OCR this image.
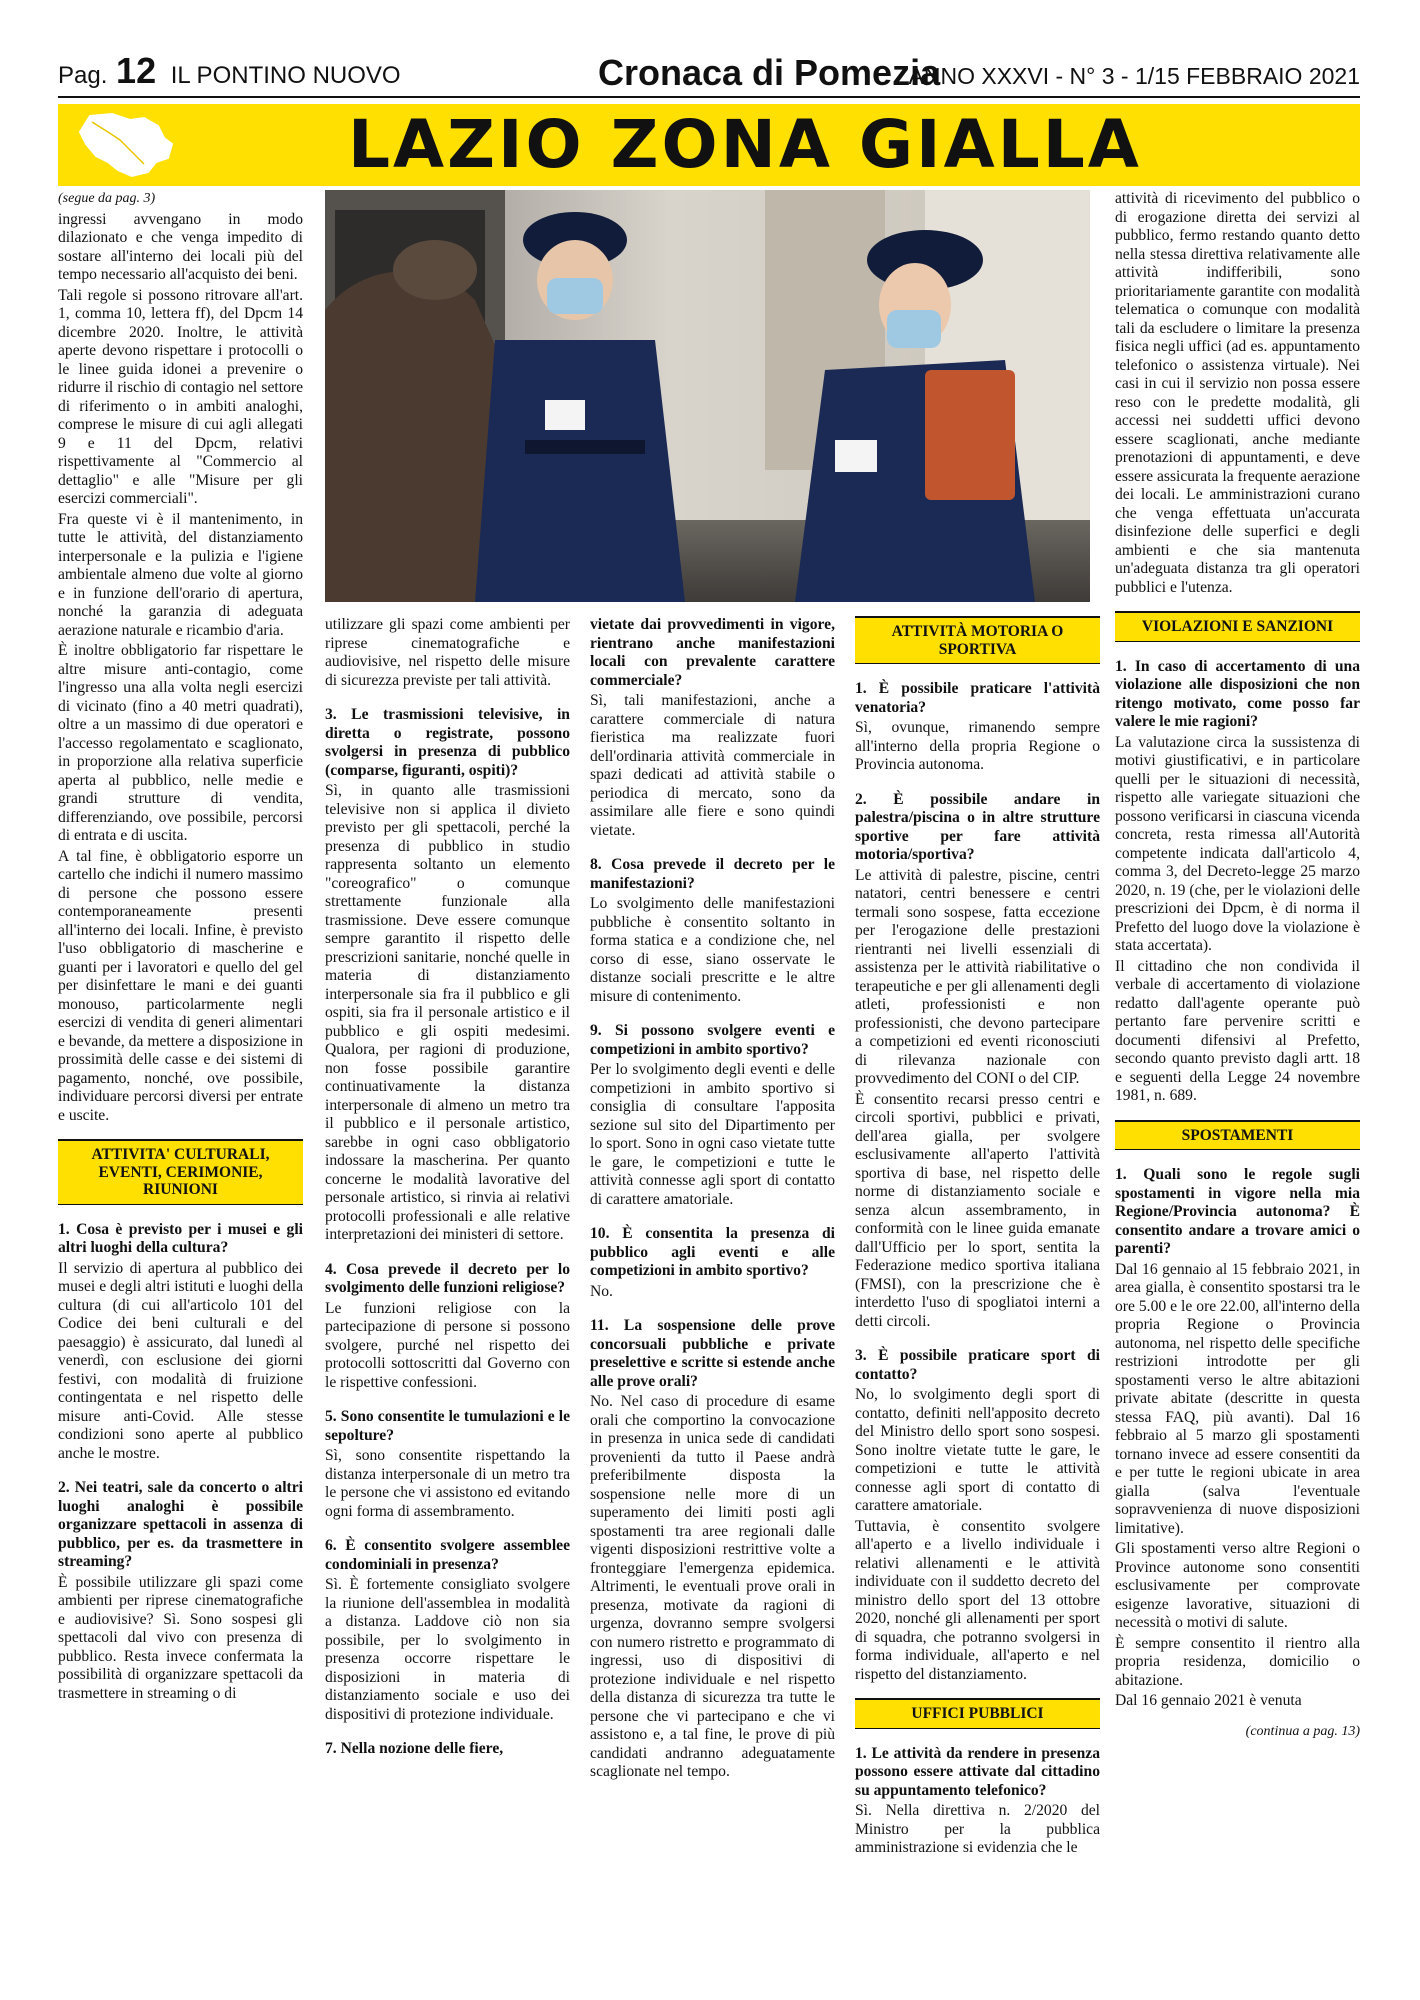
Pag. 12 IL PONTINO NUOVO	Cronaca di Pomezia
ANNO XXXVI - N° 3 - 1/15 FEBBRAIO 2021
LAZIO ZONA GIALLA

(segue da pag. 3)

ingressi avvengano in modo dilazionato e che venga impedito di sostare all'interno dei locali più del tempo necessario all'acquisto dei beni.

Tali regole si possono ritrovare all'art. 1, comma 10, lettera ff), del Dpcm 14 dicembre 2020. Inoltre, le attività aperte devono rispettare i protocolli o le linee guida idonei a prevenire o ridurre il rischio di contagio nel settore di riferimento o in ambiti analoghi, comprese le misure di cui agli allegati 9 e 11 del Dpcm, relativi rispettivamente al "Commercio al dettaglio" e alle "Misure per gli esercizi commerciali".

Fra queste vi è il mantenimento, in tutte le attività, del distanziamento interpersonale e la pulizia e l'igiene ambientale almeno due volte al giorno e in funzione dell'orario di apertura, nonché la garanzia di adeguata aerazione naturale e ricambio d'aria.

È inoltre obbligatorio far rispettare le altre misure anti-contagio, come l'ingresso una alla volta negli esercizi di vicinato (fino a 40 metri quadrati), oltre a un massimo di due operatori e l'accesso regolamentato e scaglionato, in proporzione alla relativa superficie aperta al pubblico, nelle medie e grandi strutture di vendita, differenziando, ove possibile, percorsi di entrata e di uscita.

A tal fine, è obbligatorio esporre un cartello che indichi il numero massimo di persone che possono essere contemporaneamente presenti all'interno dei locali. Infine, è previsto l'uso obbligatorio di mascherine e guanti per i lavoratori e quello del gel per disinfettare le mani e dei guanti monouso, particolarmente negli esercizi di vendita di generi alimentari e bevande, da mettere a disposizione in prossimità delle casse e dei sistemi di pagamento, nonché, ove possibile, individuare percorsi diversi per entrate e uscite.

ATTIVITA' CULTURALI, EVENTI, CERIMONIE, RIUNIONI

1. Cosa è previsto per i musei e gli altri luoghi della cultura?

Il servizio di apertura al pubblico dei musei e degli altri istituti e luoghi della cultura (di cui all'articolo 101 del Codice dei beni culturali e del paesaggio) è assicurato, dal lunedì al venerdì, con esclusione dei giorni festivi, con modalità di fruizione contingentata e nel rispetto delle misure anti-Covid. Alle stesse condizioni sono aperte al pubblico anche le mostre.

2. Nei teatri, sale da concerto o altri luoghi analoghi è possibile organizzare spettacoli in assenza di pubblico, per es. da trasmettere in streaming?

È possibile utilizzare gli spazi come ambienti per riprese cinematografiche e audiovisive? Sì. Sono sospesi gli spettacoli dal vivo con presenza di pubblico. Resta invece confermata la possibilità di organizzare spettacoli da trasmettere in streaming o di

utilizzare gli spazi come ambienti per riprese cinematografiche e audiovisive, nel rispetto delle misure di sicurezza previste per tali attività.

3. Le trasmissioni televisive, in diretta o registrate, possono svolgersi in presenza di pubblico (comparse, figuranti, ospiti)?

Sì, in quanto alle trasmissioni televisive non si applica il divieto previsto per gli spettacoli, perché la presenza di pubblico in studio rappresenta soltanto un elemento "coreografico" o comunque strettamente funzionale alla trasmissione. Deve essere comunque sempre garantito il rispetto delle prescrizioni sanitarie, nonché quelle in materia di distanziamento interpersonale sia fra il pubblico e gli ospiti, sia fra il personale artistico e il pubblico e gli ospiti medesimi. Qualora, per ragioni di produzione, non fosse possibile garantire continuativamente la distanza interpersonale di almeno un metro tra il pubblico e il personale artistico, sarebbe in ogni caso obbligatorio indossare la mascherina. Per quanto concerne le modalità lavorative del personale artistico, si rinvia ai relativi protocolli professionali e alle relative interpretazioni dei ministeri di settore.

4. Cosa prevede il decreto per lo svolgimento delle funzioni religiose?

Le funzioni religiose con la partecipazione di persone si possono svolgere, purché nel rispetto dei protocolli sottoscritti dal Governo con le rispettive confessioni.

5. Sono consentite le tumulazioni e le sepolture?

Sì, sono consentite rispettando la distanza interpersonale di un metro tra le persone che vi assistono ed evitando ogni forma di assembramento.

6. È consentito svolgere assemblee condominiali in presenza?

Sì. È fortemente consigliato svolgere la riunione dell'assemblea in modalità a distanza. Laddove ciò non sia possibile, per lo svolgimento in presenza occorre rispettare le disposizioni in materia di distanziamento sociale e uso dei dispositivi di protezione individuale.

7. Nella nozione delle fiere,

vietate dai provvedimenti in vigore, rientrano anche manifestazioni locali con prevalente carattere commerciale?

Sì, tali manifestazioni, anche a carattere commerciale di natura fieristica ma realizzate fuori dell'ordinaria attività commerciale in spazi dedicati ad attività stabile o periodica di mercato, sono da assimilare alle fiere e sono quindi vietate.

8. Cosa prevede il decreto per le manifestazioni?

Lo svolgimento delle manifestazioni pubbliche è consentito soltanto in forma statica e a condizione che, nel corso di esse, siano osservate le distanze sociali prescritte e le altre misure di contenimento.

9. Si possono svolgere eventi e competizioni in ambito sportivo?

Per lo svolgimento degli eventi e delle competizioni in ambito sportivo si consiglia di consultare l'apposita sezione sul sito del Dipartimento per lo sport. Sono in ogni caso vietate tutte le gare, le competizioni e tutte le attività connesse agli sport di contatto di carattere amatoriale.

10. È consentita la presenza di pubblico agli eventi e alle competizioni in ambito sportivo?

No.

11. La sospensione delle prove concorsuali pubbliche e private preselettive e scritte si estende anche alle prove orali?

No. Nel caso di procedure di esame orali che comportino la convocazione in presenza in unica sede di candidati provenienti da tutto il Paese andrà preferibilmente disposta la sospensione nelle more di un superamento dei limiti posti agli spostamenti tra aree regionali dalle vigenti disposizioni restrittive volte a fronteggiare l'emergenza epidemica. Altrimenti, le eventuali prove orali in presenza, motivate da ragioni di urgenza, dovranno sempre svolgersi con numero ristretto e programmato di ingressi, uso di dispositivi di protezione individuale e nel rispetto della distanza di sicurezza tra tutte le persone che vi partecipano e che vi assistono e, a tal fine, le prove di più candidati andranno adeguatamente scaglionate nel tempo.

ATTIVITÀ MOTORIA O SPORTIVA

1. È possibile praticare l'attività venatoria?

Sì, ovunque, rimanendo sempre all'interno della propria Regione o Provincia autonoma.

2. È possibile andare in palestra/piscina o in altre strutture sportive per fare attività motoria/sportiva?

Le attività di palestre, piscine, centri natatori, centri benessere e centri termali sono sospese, fatta eccezione per l'erogazione delle prestazioni rientranti nei livelli essenziali di assistenza per le attività riabilitative o terapeutiche e per gli allenamenti degli atleti, professionisti e non professionisti, che devono partecipare a competizioni ed eventi riconosciuti di rilevanza nazionale con provvedimento del CONI o del CIP.

È consentito recarsi presso centri e circoli sportivi, pubblici e privati, dell'area gialla, per svolgere esclusivamente all'aperto l'attività sportiva di base, nel rispetto delle norme di distanziamento sociale e senza alcun assembramento, in conformità con le linee guida emanate dall'Ufficio per lo sport, sentita la Federazione medico sportiva italiana (FMSI), con la prescrizione che è interdetto l'uso di spogliatoi interni a detti circoli.

3. È possibile praticare sport di contatto?

No, lo svolgimento degli sport di contatto, definiti nell'apposito decreto del Ministro dello sport sono sospesi. Sono inoltre vietate tutte le gare, le competizioni e tutte le attività connesse agli sport di contatto di carattere amatoriale.

Tuttavia, è consentito svolgere all'aperto e a livello individuale i relativi allenamenti e le attività individuate con il suddetto decreto del ministro dello sport del 13 ottobre 2020, nonché gli allenamenti per sport di squadra, che potranno svolgersi in forma individuale, all'aperto e nel rispetto del distanziamento.

UFFICI PUBBLICI

1. Le attività da rendere in presenza possono essere attivate dal cittadino su appuntamento telefonico?

Sì. Nella direttiva n. 2/2020 del Ministro per la pubblica amministrazione si evidenzia che le

attività di ricevimento del pubblico o di erogazione diretta dei servizi al pubblico, fermo restando quanto detto nella stessa direttiva relativamente alle attività indifferibili, sono prioritariamente garantite con modalità telematica o comunque con modalità tali da escludere o limitare la presenza fisica negli uffici (ad es. appuntamento telefonico o assistenza virtuale). Nei casi in cui il servizio non possa essere reso con le predette modalità, gli accessi nei suddetti uffici devono essere scaglionati, anche mediante prenotazioni di appuntamenti, e deve essere assicurata la frequente aerazione dei locali. Le amministrazioni curano che venga effettuata un'accurata disinfezione delle superfici e degli ambienti e che sia mantenuta un'adeguata distanza tra gli operatori pubblici e l'utenza.

VIOLAZIONI E SANZIONI

1. In caso di accertamento di una violazione alle disposizioni che non ritengo motivato, come posso far valere le mie ragioni?

La valutazione circa la sussistenza di motivi giustificativi, e in particolare quelli per le situazioni di necessità, rispetto alle variegate situazioni che possono verificarsi in ciascuna vicenda concreta, resta rimessa all'Autorità competente indicata dall'articolo 4, comma 3, del Decreto-legge 25 marzo 2020, n. 19 (che, per le violazioni delle prescrizioni dei Dpcm, è di norma il Prefetto del luogo dove la violazione è stata accertata).

Il cittadino che non condivida il verbale di accertamento di violazione redatto dall'agente operante può pertanto fare pervenire scritti e documenti difensivi al Prefetto, secondo quanto previsto dagli artt. 18 e seguenti della Legge 24 novembre 1981, n. 689.

SPOSTAMENTI

1. Quali sono le regole sugli spostamenti in vigore nella mia Regione/Provincia autonoma? È consentito andare a trovare amici o parenti?

Dal 16 gennaio al 15 febbraio 2021, in area gialla, è consentito spostarsi tra le ore 5.00 e le ore 22.00, all'interno della propria Regione o Provincia autonoma, nel rispetto delle specifiche restrizioni introdotte per gli spostamenti verso le altre abitazioni private abitate (descritte in questa stessa FAQ, più avanti). Dal 16 febbraio al 5 marzo gli spostamenti tornano invece ad essere consentiti da e per tutte le regioni ubicate in area gialla (salva l'eventuale sopravvenienza di nuove disposizioni limitative).

Gli spostamenti verso altre Regioni o Province autonome sono consentiti esclusivamente per comprovate esigenze lavorative, situazioni di necessità o motivi di salute.

È sempre consentito il rientro alla propria residenza, domicilio o abitazione.

Dal 16 gennaio 2021 è venuta

(continua a pag. 13)
